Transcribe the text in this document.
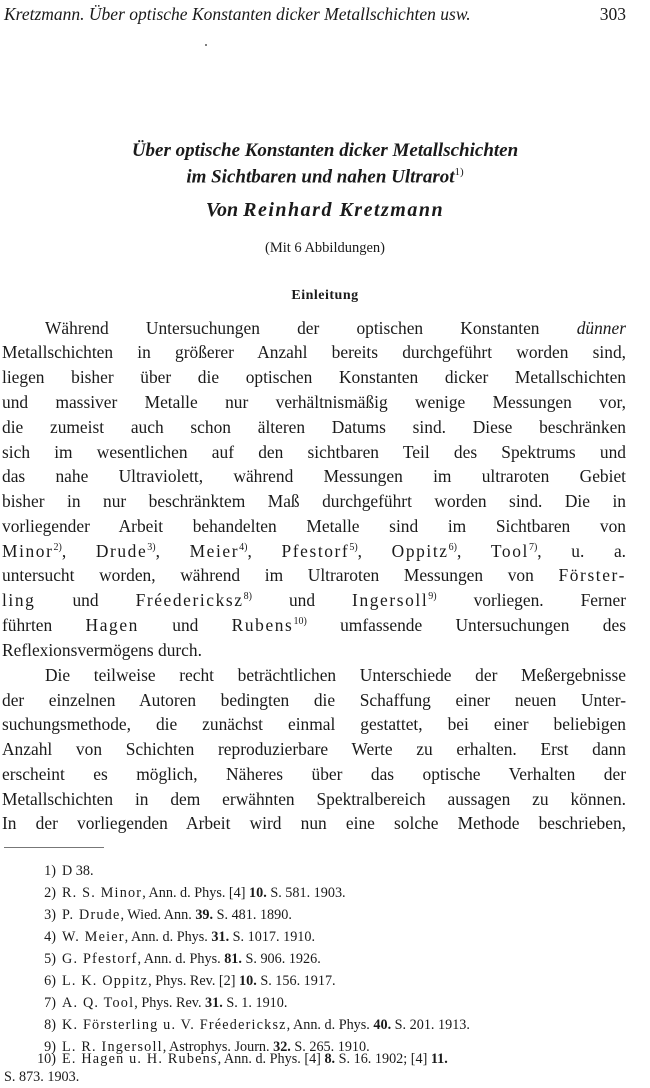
Kretzmann. Über optische Konstanten dicker Metallschichten usw.	303
Über optische Konstanten dicker Metallschichten
im Sichtbaren und nahen Ultrarot$^{1)}$
Von Reinhard Kretzmann
(Mit 6 Abbildungen)
Einleitung
Während Untersuchungen der optischen Konstanten dünner
Metallschichten in größerer Anzahl bereits durchgeführt worden sind,
liegen bisher über die optischen Konstanten dicker Metallschichten
und massiver Metalle nur verhältnismäßig wenige Messungen vor,
die zumeist auch schon älteren Datums sind. Diese beschränken
sich im wesentlichen auf den sichtbaren Teil des Spektrums und
das nahe Ultraviolett, während Messungen im ultraroten Gebiet
bisher in nur beschränktem Maß durchgeführt worden sind. Die in
vorliegender Arbeit behandelten Metalle sind im Sichtbaren von
Minor$^{2)}$, Drude$^{3)}$, Meier$^{4)}$, Pfestorf$^{5)}$, Oppitz$^{6)}$, Tool$^{7)}$, u. a.
untersucht worden, während im Ultraroten Messungen von Förster-
ling und Fréedericksz$^{8)}$ und Ingersoll$^{9)}$ vorliegen. Ferner
führten Hagen und Rubens$^{10)}$ umfassende Untersuchungen des
Reflexionsvermögens durch.
Die teilweise recht beträchtlichen Unterschiede der Meßergebnisse
der einzelnen Autoren bedingten die Schaffung einer neuen Unter-
suchungsmethode, die zunächst einmal gestattet, bei einer beliebigen
Anzahl von Schichten reproduzierbare Werte zu erhalten. Erst dann
erscheint es möglich, Näheres über das optische Verhalten der
Metallschichten in dem erwähnten Spektralbereich aussagen zu können.
In der vorliegenden Arbeit wird nun eine solche Methode beschrieben,
1) D 38.
2) R. S. Minor, Ann. d. Phys. [4] 10. S. 581. 1903.
3) P. Drude, Wied. Ann. 39. S. 481. 1890.
4) W. Meier, Ann. d. Phys. 31. S. 1017. 1910.
5) G. Pfestorf, Ann. d. Phys. 81. S. 906. 1926.
6) L. K. Oppitz, Phys. Rev. [2] 10. S. 156. 1917.
7) A. Q. Tool, Phys. Rev. 31. S. 1. 1910.
8) K. Försterling u. V. Fréedericksz, Ann. d. Phys. 40. S. 201. 1913.
9) L. R. Ingersoll, Astrophys. Journ. 32. S. 265. 1910.
10) E. Hagen u. H. Rubens, Ann. d. Phys. [4] 8. S. 16. 1902; [4] 11.
S. 873. 1903.
